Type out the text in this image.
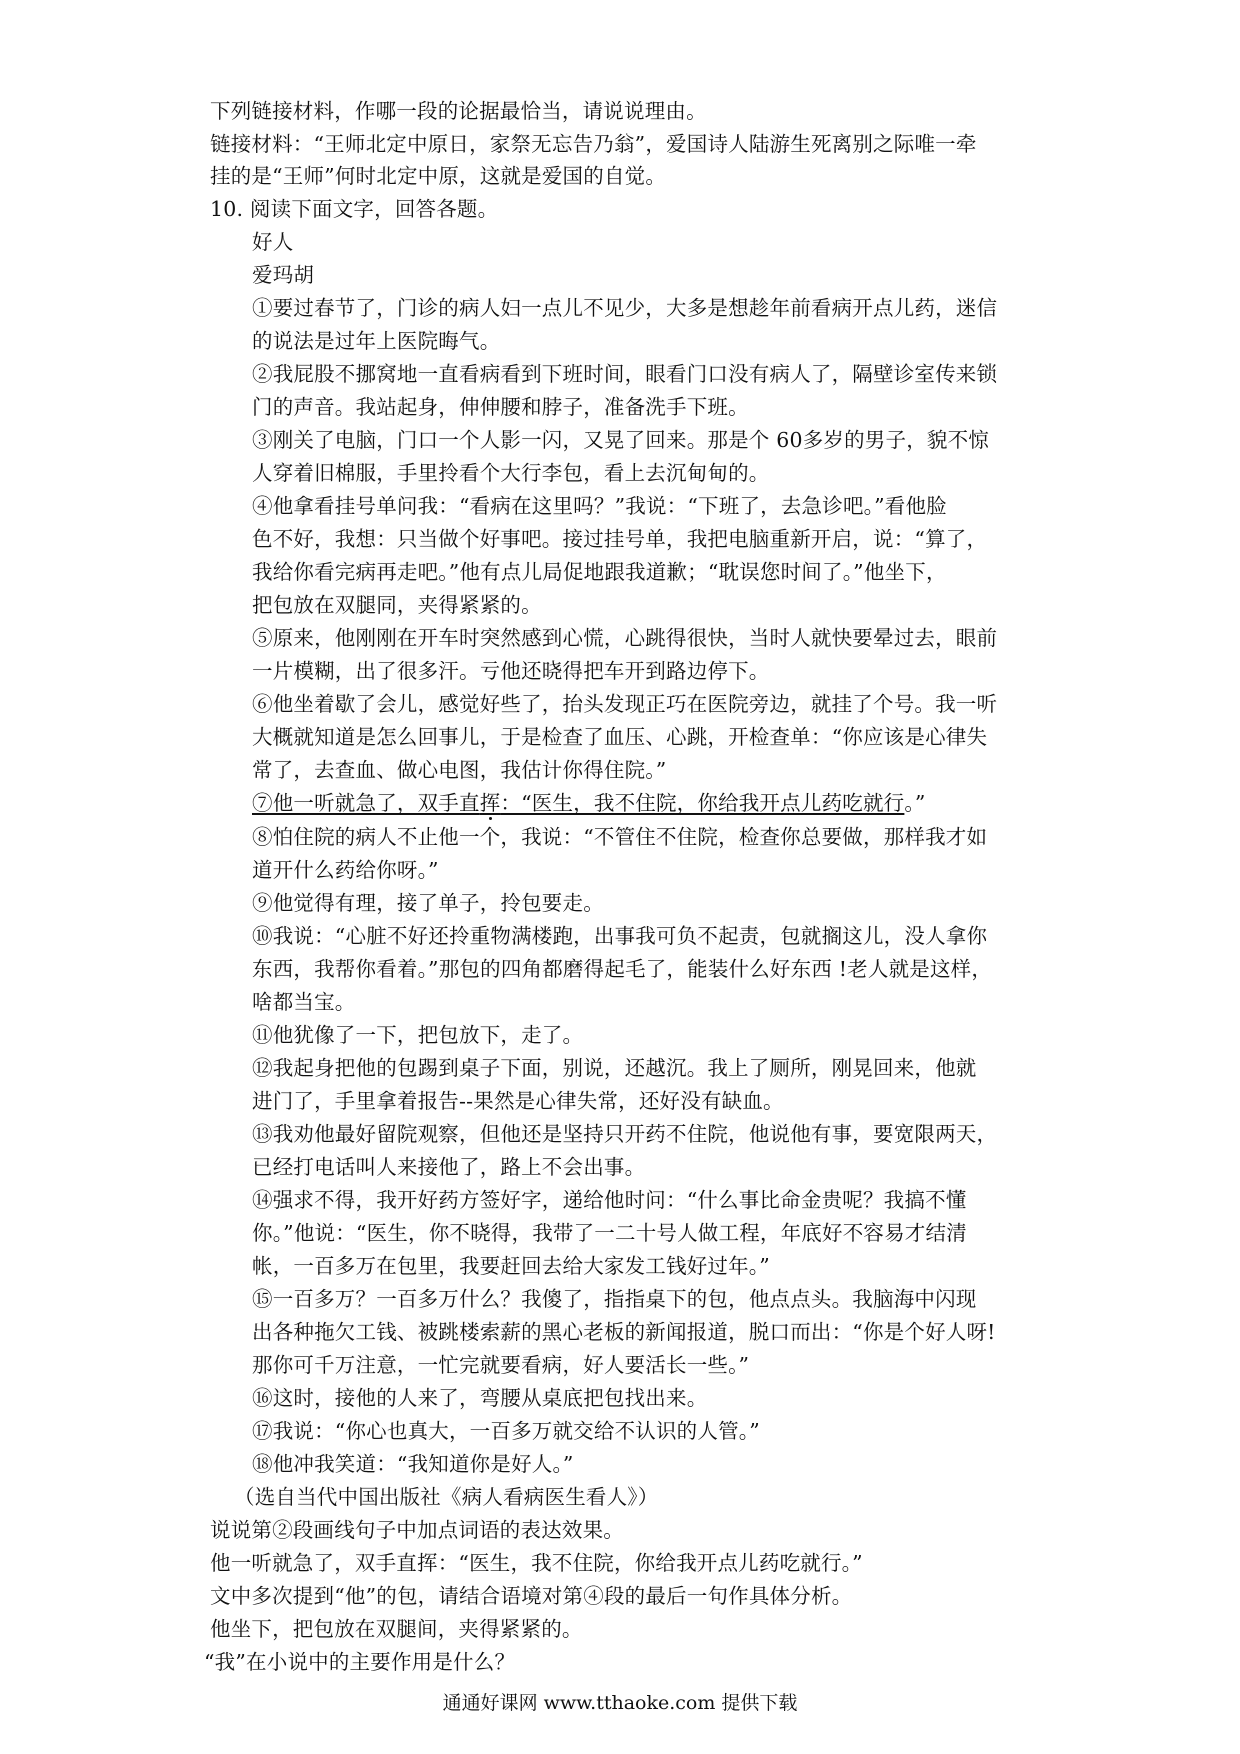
下列链接材料，作哪一段的论据最恰当，请说说理由。
链接材料：“王师北定中原日，家祭无忘告乃翁”，爱国诗人陆游生死离别之际唯一牵
挂的是“王师”何时北定中原，这就是爱国的自觉。
10. 阅读下面文字，回答各题。
好人
爱玛胡
①要过春节了，门诊的病人妇一点儿不见少，大多是想趁年前看病开点儿药，迷信
的说法是过年上医院晦气。
②我屁股不挪窝地一直看病看到下班时间，眼看门口没有病人了，隔壁诊室传来锁
门的声音。我站起身，伸伸腰和脖子，准备洗手下班。
③刚关了电脑，门口一个人影一闪，又晃了回来。那是个 60多岁的男子，貌不惊
人穿着旧棉服，手里拎看个大行李包，看上去沉甸甸的。
④他拿看挂号单问我：“看病在这里吗？”我说：“下班了，去急诊吧。”看他脸
色不好，我想：只当做个好事吧。接过挂号单，我把电脑重新开启，说：“算了，
我给你看完病再走吧。”他有点儿局促地跟我道歉；“耽误您时间了。”他坐下，
把包放在双腿同，夹得紧紧的。
⑤原来，他刚刚在开车时突然感到心慌，心跳得很快，当时人就快要晕过去，眼前
一片模糊，出了很多汗。亏他还晓得把车开到路边停下。
⑥他坐着歇了会儿，感觉好些了，抬头发现正巧在医院旁边，就挂了个号。我一听
大概就知道是怎么回事儿，于是检查了血压、心跳，开检查单：“你应该是心律失
常了，去查血、做心电图，我估计你得住院。”
⑦他一听就急了，双手直挥：“医生，我不住院，你给我开点儿药吃就行。”
⑧怕住院的病人不止他一个，我说：“不管住不住院，检查你总要做，那样我才如
道开什么药给你呀。”
⑨他觉得有理，接了单子，拎包要走。
⑩我说：“心脏不好还拎重物满楼跑，出事我可负不起责，包就搁这儿，没人拿你
东西，我帮你看着。”那包的四角都磨得起毛了，能装什么好东西 !老人就是这样，
啥都当宝。
⑪他犹像了一下，把包放下，走了。
⑫我起身把他的包踢到桌子下面，别说，还越沉。我上了厕所，刚晃回来，他就
进门了，手里拿着报告--果然是心律失常，还好没有缺血。
⑬我劝他最好留院观察，但他还是坚持只开药不住院，他说他有事，要宽限两天，
已经打电话叫人来接他了，路上不会出事。
⑭强求不得，我开好药方签好字，递给他时问：“什么事比命金贵呢？我搞不懂
你。”他说：“医生，你不晓得，我带了一二十号人做工程，年底好不容易才结清
帐，一百多万在包里，我要赶回去给大家发工钱好过年。”
⑮一百多万？一百多万什么？我傻了，指指桌下的包，他点点头。我脑海中闪现
出各种拖欠工钱、被跳楼索薪的黑心老板的新闻报道，脱口而出：“你是个好人呀!
那你可千万注意，一忙完就要看病，好人要活长一些。”
⑯这时，接他的人来了，弯腰从桌底把包找出来。
⑰我说：“你心也真大，一百多万就交给不认识的人管。”
⑱他冲我笑道：“我知道你是好人。”
（选自当代中国出版社《病人看病医生看人》）
说说第②段画线句子中加点词语的表达效果。
他一听就急了，双手直挥：“医生，我不住院，你给我开点儿药吃就行。”
文中多次提到“他”的包，请结合语境对第④段的最后一句作具体分析。
他坐下，把包放在双腿间，夹得紧紧的。
“我”在小说中的主要作用是什么？
通通好课网 www.tthaoke.com 提供下载
